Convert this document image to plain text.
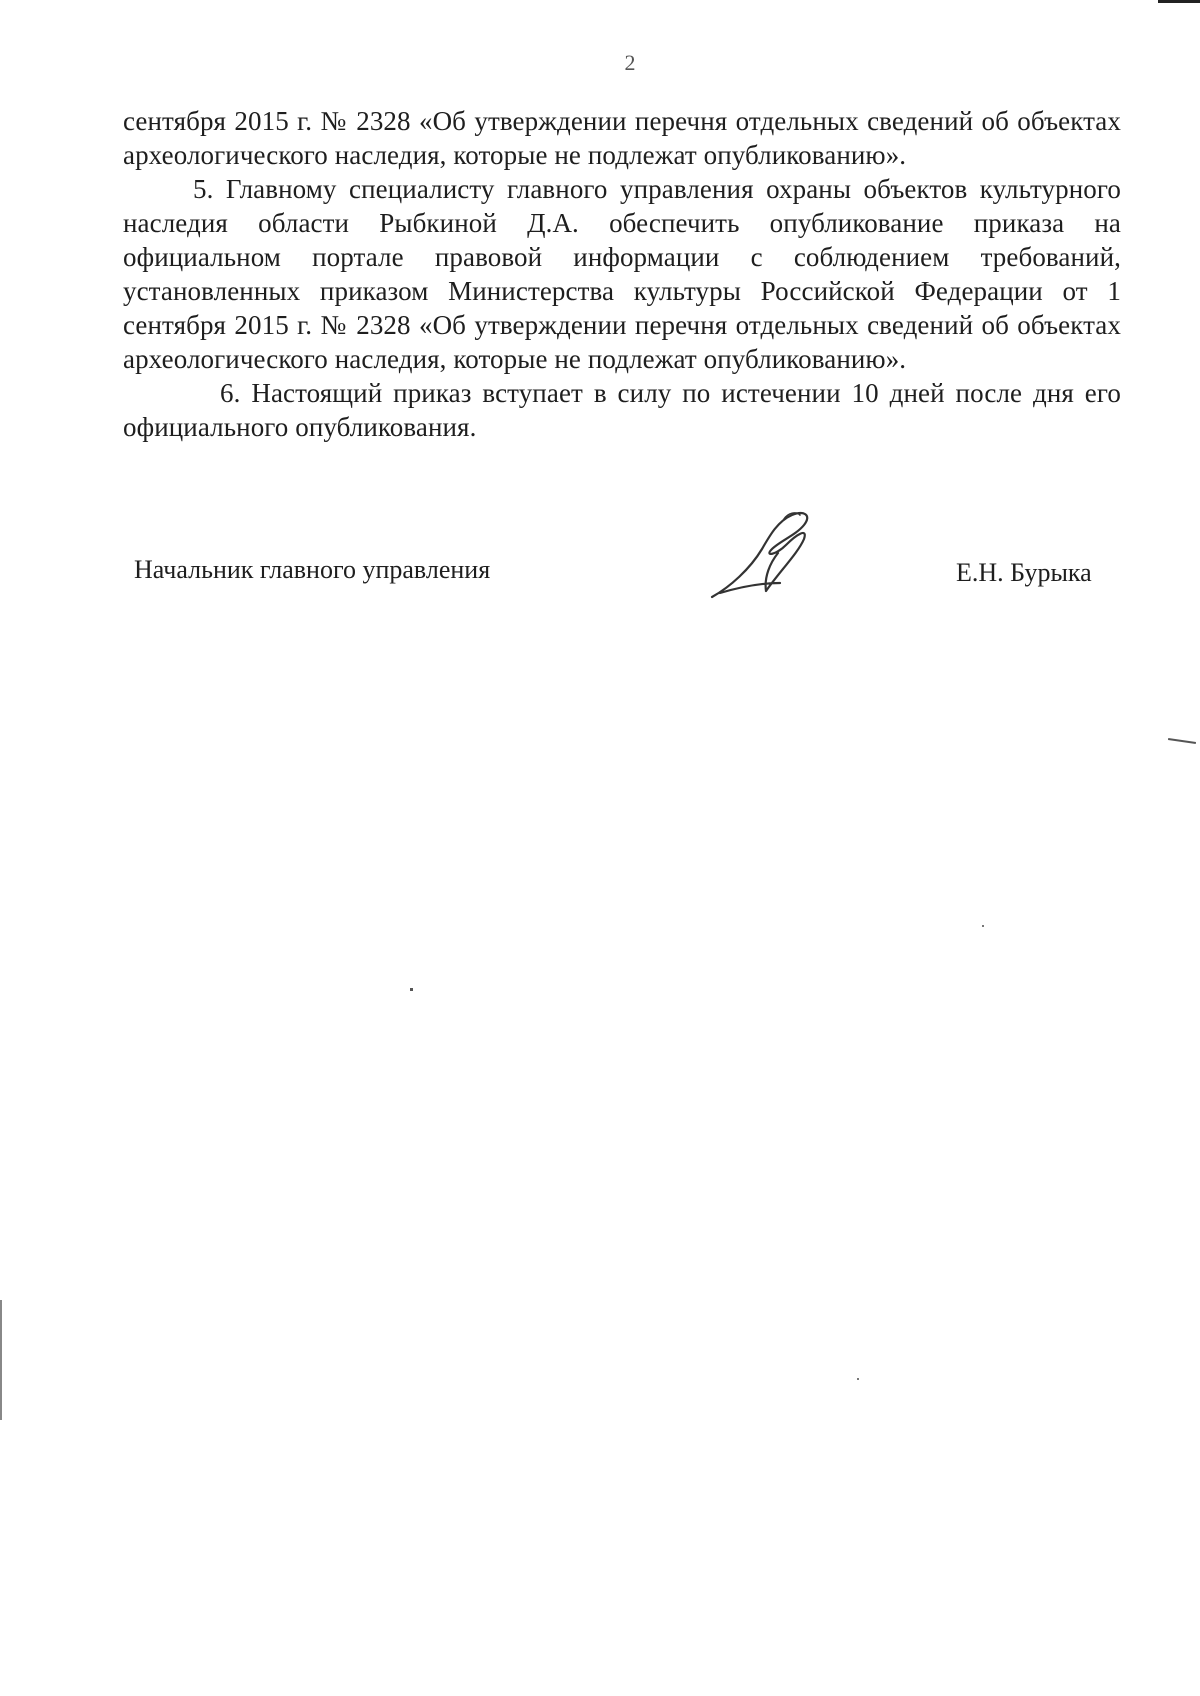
2

сентября 2015 г. № 2328 «Об утверждении перечня отдельных сведений об объектах археологического наследия, которые не подлежат опубликованию».

5. Главному специалисту главного управления охраны объектов культурного наследия области Рыбкиной Д.А. обеспечить опубликование приказа на официальном портале правовой информации с соблюдением требований, установленных приказом Министерства культуры Российской Федерации от 1 сентября 2015 г. № 2328 «Об утверждении перечня отдельных сведений об объектах археологического наследия, которые не подлежат опубликованию».

6. Настоящий приказ вступает в силу по истечении 10 дней после дня его официального опубликования.

Начальник главного управления	Е.Н. Бурыка
